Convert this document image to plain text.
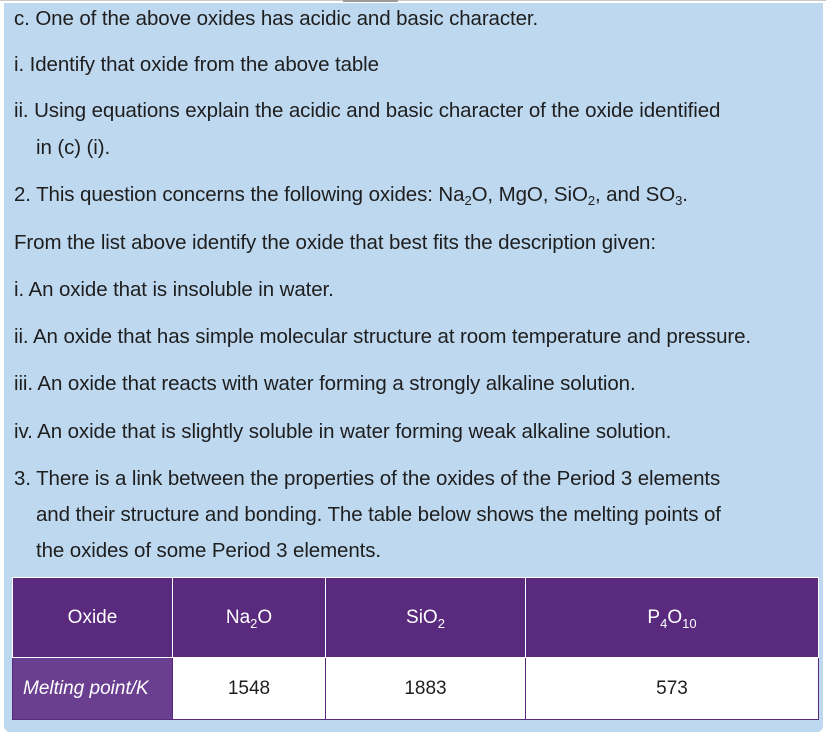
c. One of the above oxides has acidic and basic character.
i. Identify that oxide from the above table
ii. Using equations explain the acidic and basic character of the oxide identified
in (c) (i).
2. This question concerns the following oxides: $Na_2O$, MgO, SiO$_2$, and $SO_3$.
From the list above identify the oxide that best fits the description given:
i. An oxide that is insoluble in water.
ii. An oxide that has simple molecular structure at room temperature and pressure.
iii. An oxide that reacts with water forming a strongly alkaline solution.
iv. An oxide that is slightly soluble in water forming weak alkaline solution.
3. There is a link between the properties of the oxides of the Period 3 elements
and their structure and bonding. The table below shows the melting points of
the oxides of some Period 3 elements.
Oxide	$Na_2O$	SiO$_2$	$P_4O_{10}$
Melting point/K	1548	1883	573
